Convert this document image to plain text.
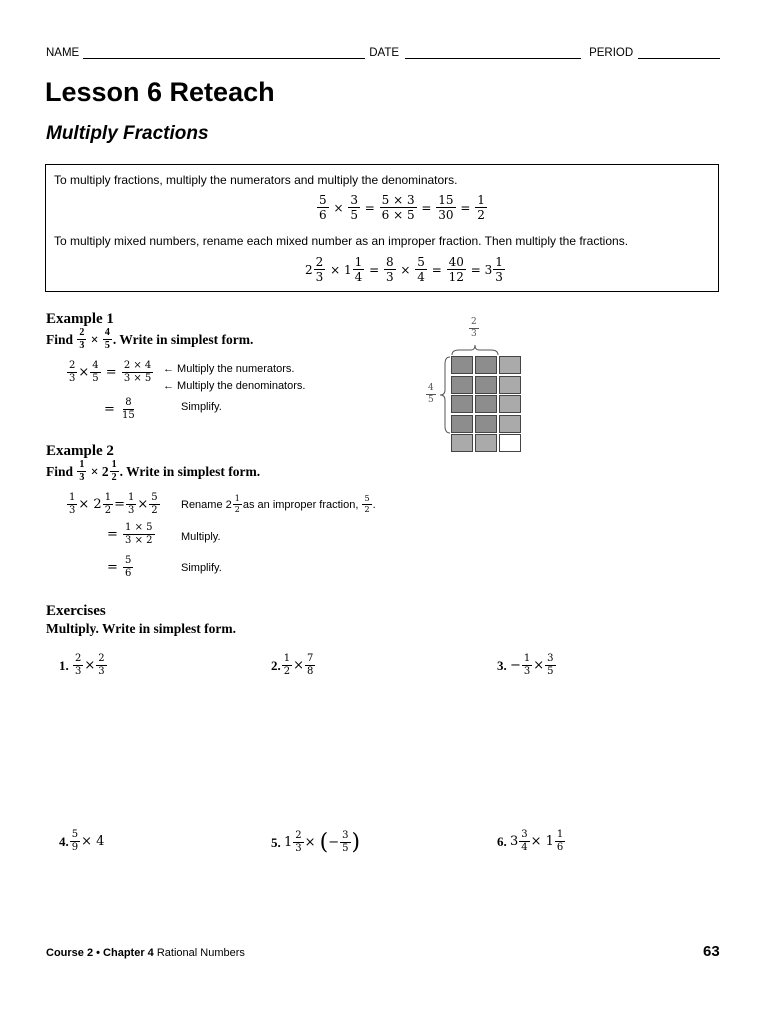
NAME	DATE	PERIOD
Lesson 6 Reteach
Multiply Fractions
To multiply fractions, multiply the numerators and multiply the denominators.
$\frac{5}{6} \times \frac{3}{5} = \frac{5 \times 3}{6 \times 5} = \frac{15}{30} = \frac{1}{2}$
To multiply mixed numbers, rename each mixed number as an improper fraction. Then multiply the fractions.
$2 \frac{2}{3} \times 1 \frac{1}{4} = \frac{8}{3} \times \frac{5}{4} = \frac{40}{12} = 3 \frac{1}{3}$
Example 1
Find
$\frac{2}{3} \times \frac{4}{5}$ . Write in simplest form.
$\frac{2}{3} \times \frac{4}{5} = \frac{2 \times 4}{3 \times 5}$
= $\frac{8}{15}$
← Multiply the numerators.
← Multiply the denominators.
Simplify.
$\frac{2}{3}$
$\frac{4}{5}$
Example 2
Find
$\frac{1}{3} \times 2 \frac{1}{2}$ . Write in simplest form.
$\frac{1}{3} \times 2 \frac{1}{2} = \frac{1}{3} \times \frac{5}{2}$
= $\frac{1 \times 5}{3 \times 2}$
= $\frac{5}{6}$
Rename
$2 \frac{1}{2}$ as an improper fraction,
$\frac{5}{2}$ .
Multiply.
Simplify.
Exercises
Multiply. Write in simplest form.
1.
$\frac{2}{3} \times \frac{2}{3}$	2. $\frac{1}{2} \times \frac{7}{8}$	3.
− $\frac{1}{3} \times \frac{3}{5}$
4. $\frac{5}{9} \times 4$	5.
$1 \frac{2}{3}$ × ( − $\frac{3}{5}$ )	6.
$3 \frac{3}{4} \times 1 \frac{1}{6}$
Course 2 • Chapter 4
Rational Numbers	63
